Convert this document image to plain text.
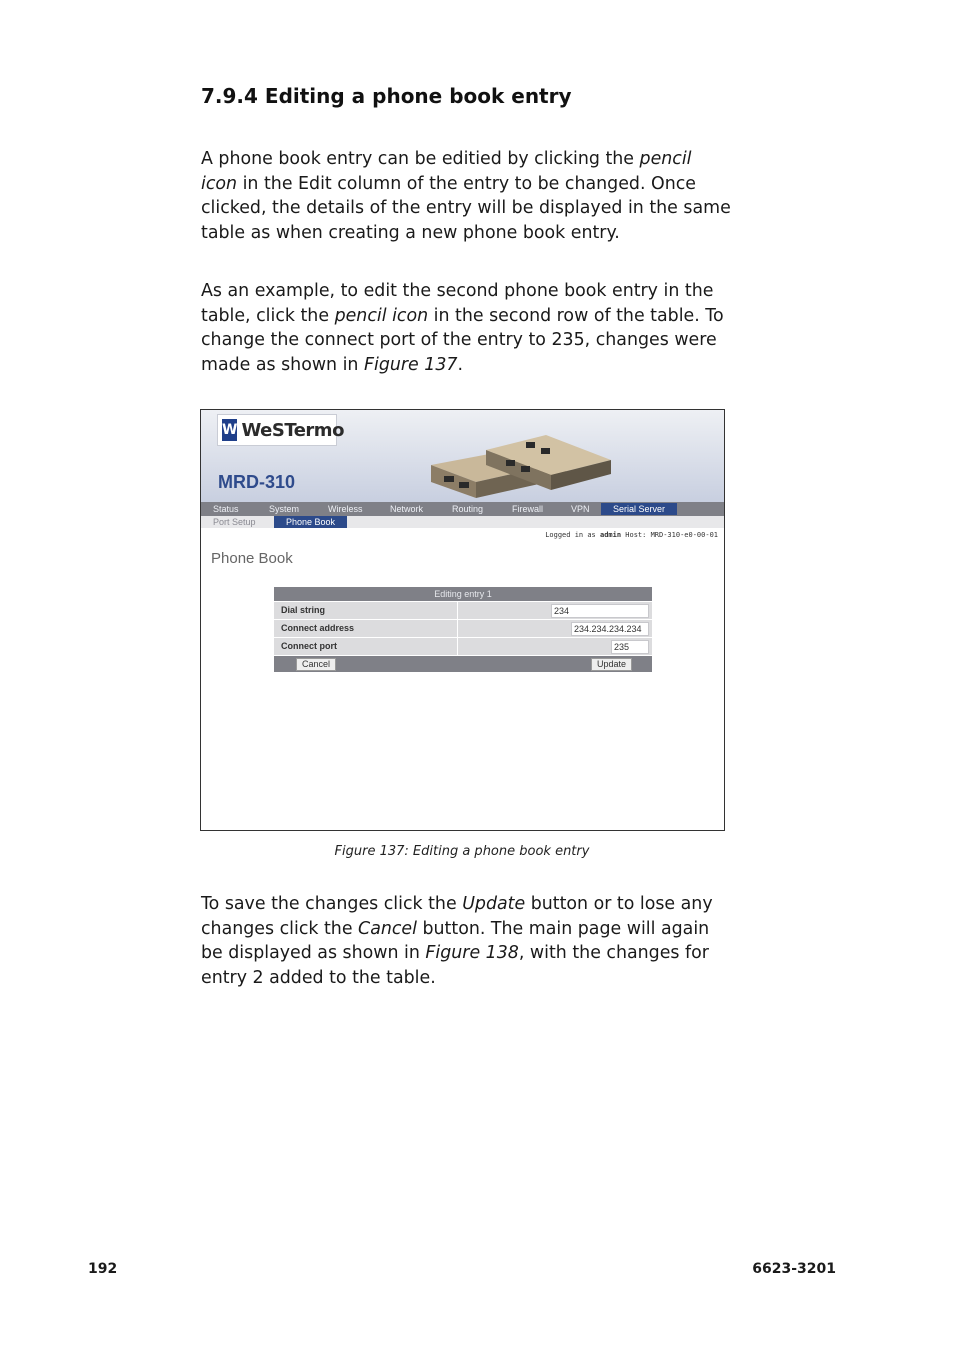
7.9.4 Editing a phone book entry

A phone book entry can be editied by clicking the pencil icon in the Edit column of the entry to be changed. Once clicked, the details of the entry will be displayed in the same table as when creating a new phone book entry.

As an example, to edit the second phone book entry in the table, click the pencil icon in the second row of the table. To change the connect port of the entry to 235, changes were made as shown in Figure 137.

W WeSTermo
MRD-310
Status	System	Wireless	Network	Routing	Firewall	VPN	Serial Server
Port Setup	Phone Book
Logged in as admin Host: MRD-310-e0-00-01
Phone Book
Editing entry 1
Dial string	234
Connect address	234.234.234.234
Connect port	235
Cancel	Update
Figure 137: Editing a phone book entry

To save the changes click the Update button or to lose any changes click the Cancel button. The main page will again be displayed as shown in Figure 138, with the changes for entry 2 added to the table.

192	6623-3201
